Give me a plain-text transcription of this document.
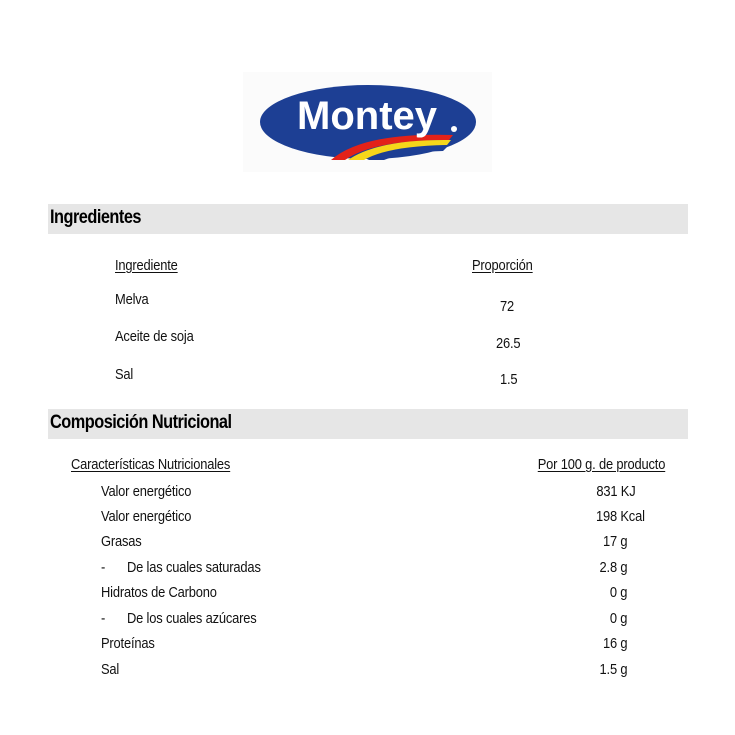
Montey
Ingredientes
Ingrediente	Proporción
Melva	72
Aceite de soja	26.5
Sal	1.5
Composición Nutricional
Características Nutricionales	Por 100 g. de producto
Valor energético	831 KJ
Valor energético	198 Kcal
Grasas	17 g
- De las cuales saturadas	2.8 g
Hidratos de Carbono	0 g
- De los cuales azúcares	0 g
Proteínas	16 g
Sal	1.5 g
